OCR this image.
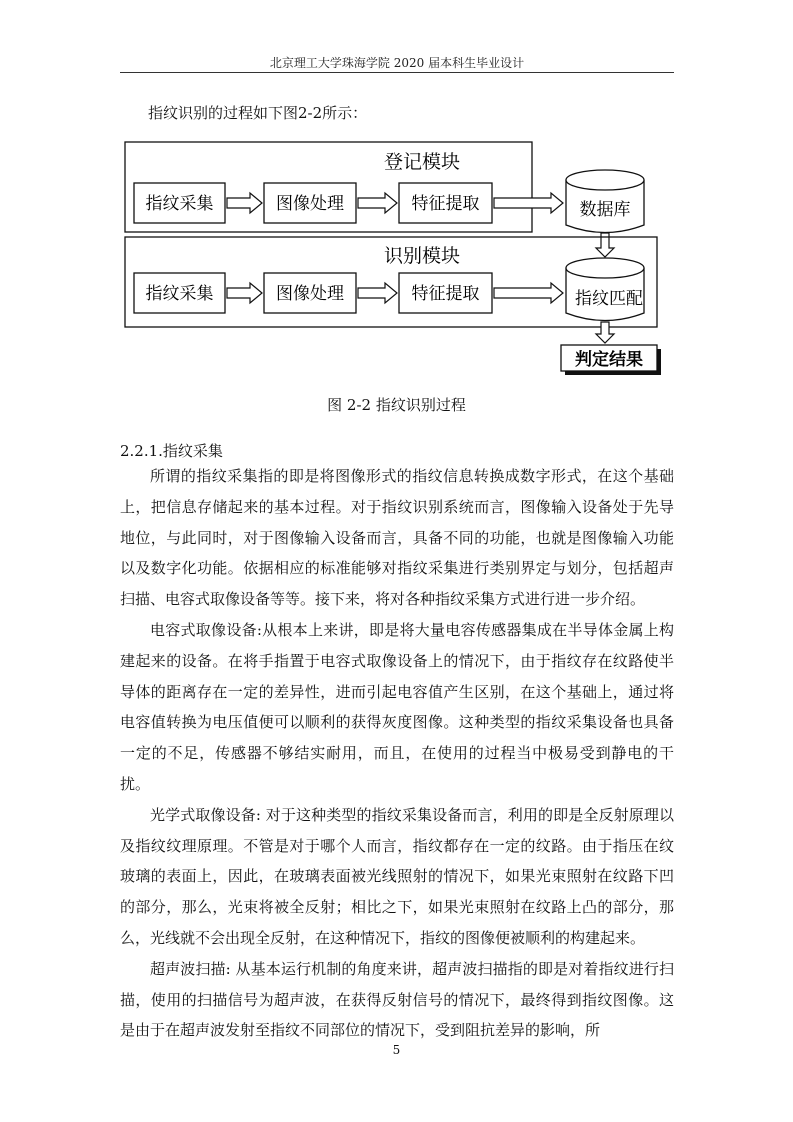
北京理工大学珠海学院 2020 届本科生毕业设计
指纹识别的过程如下图2-2所示：
登记模块
指纹采集	图像处理	特征提取	数据库
识别模块
指纹采集	图像处理	特征提取	指纹匹配
判定结果
图 2-2 指纹识别过程
2.2.1.指纹采集

所谓的指纹采集指的即是将图像形式的指纹信息转换成数字形式，在这个基础上，把信息存储起来的基本过程。对于指纹识别系统而言，图像输入设备处于先导地位，与此同时，对于图像输入设备而言，具备不同的功能，也就是图像输入功能以及数字化功能。依据相应的标准能够对指纹采集进行类别界定与划分，包括超声扫描、电容式取像设备等等。接下来，将对各种指纹采集方式进行进一步介绍。

电容式取像设备:从根本上来讲，即是将大量电容传感器集成在半导体金属上构建起来的设备。在将手指置于电容式取像设备上的情况下，由于指纹存在纹路使半导体的距离存在一定的差异性，进而引起电容值产生区别，在这个基础上，通过将电容值转换为电压值便可以顺利的获得灰度图像。这种类型的指纹采集设备也具备一定的不足，传感器不够结实耐用，而且，在使用的过程当中极易受到静电的干扰。

光学式取像设备: 对于这种类型的指纹采集设备而言，利用的即是全反射原理以及指纹纹理原理。不管是对于哪个人而言，指纹都存在一定的纹路。由于指压在纹玻璃的表面上，因此，在玻璃表面被光线照射的情况下，如果光束照射在纹路下凹的部分，那么，光束将被全反射；相比之下，如果光束照射在纹路上凸的部分，那么，光线就不会出现全反射，在这种情况下，指纹的图像便被顺利的构建起来。

超声波扫描: 从基本运行机制的角度来讲，超声波扫描指的即是对着指纹进行扫描，使用的扫描信号为超声波，在获得反射信号的情况下，最终得到指纹图像。这是由于在超声波发射至指纹不同部位的情况下，受到阻抗差异的影响，所

5
